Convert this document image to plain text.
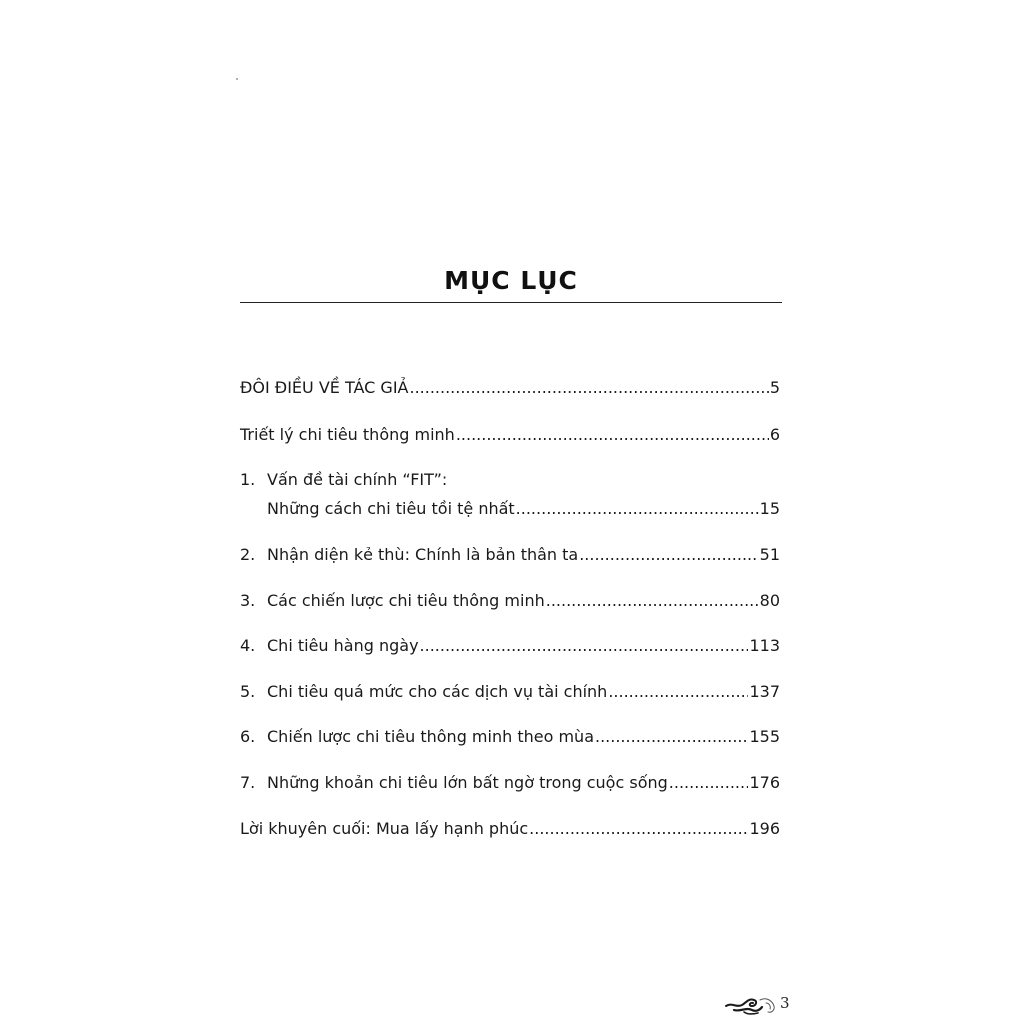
MỤC LỤC
ĐÔI ĐIỀU VỀ TÁC GIẢ .....	5
Triết lý chi tiêu thông minh .....	6
1. Vấn đề tài chính “FIT”:
Những cách chi tiêu tồi tệ nhất .....	15
2. Nhận diện kẻ thù: Chính là bản thân ta .....	51
3. Các chiến lược chi tiêu thông minh .....	80
4. Chi tiêu hàng ngày .....	113
5. Chi tiêu quá mức cho các dịch vụ tài chính .....	137
6. Chiến lược chi tiêu thông minh theo mùa .....	155
7. Những khoản chi tiêu lớn bất ngờ trong cuộc sống .....	176
Lời khuyên cuối: Mua lấy hạnh phúc .....	196
3
